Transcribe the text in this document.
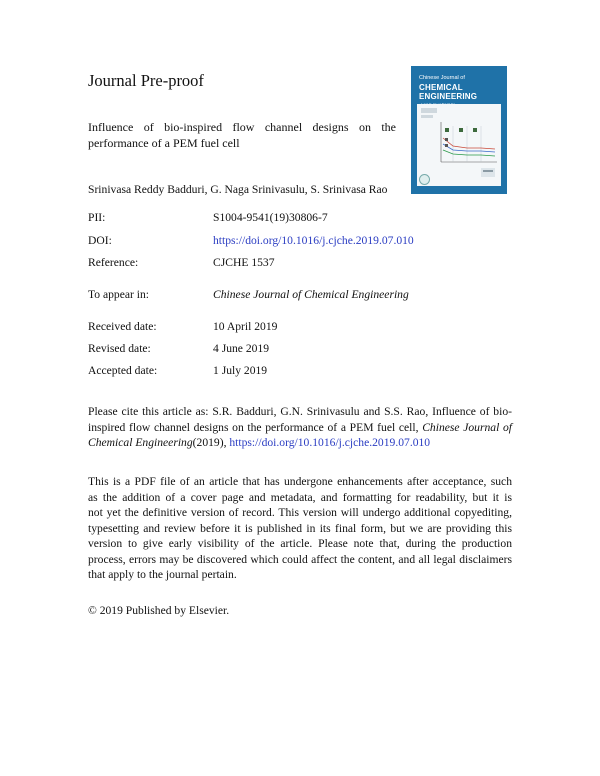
Journal Pre-proof	Chinese Journal of
CHEMICAL ENGINEERING
Influence of bio-inspired flow channel designs on the
performance of a PEM fuel cell
Srinivasa Reddy Badduri, G. Naga Srinivasulu, S. Srinivasa Rao
PII:	S1004-9541(19)30806-7
DOI:	https://doi.org/10.1016/j.cjche.2019.07.010
Reference:	CJCHE 1537
To appear in:	Chinese Journal of Chemical Engineering
Received date:	10 April 2019
Revised date:	4 June 2019
Accepted date:	1 July 2019
Please cite this article as: S.R. Badduri, G.N. Srinivasulu and S.S. Rao, Influence of bio-
inspired flow channel designs on the performance of a PEM fuel cell, Chinese Journal of
Chemical Engineering(2019), https://doi.org/10.1016/j.cjche.2019.07.010
This is a PDF file of an article that has undergone enhancements after acceptance, such
as the addition of a cover page and metadata, and formatting for readability, but it is
not yet the definitive version of record. This version will undergo additional copyediting,
typesetting and review before it is published in its final form, but we are providing this
version to give early visibility of the article. Please note that, during the production
process, errors may be discovered which could affect the content, and all legal disclaimers
that apply to the journal pertain.
© 2019 Published by Elsevier.
